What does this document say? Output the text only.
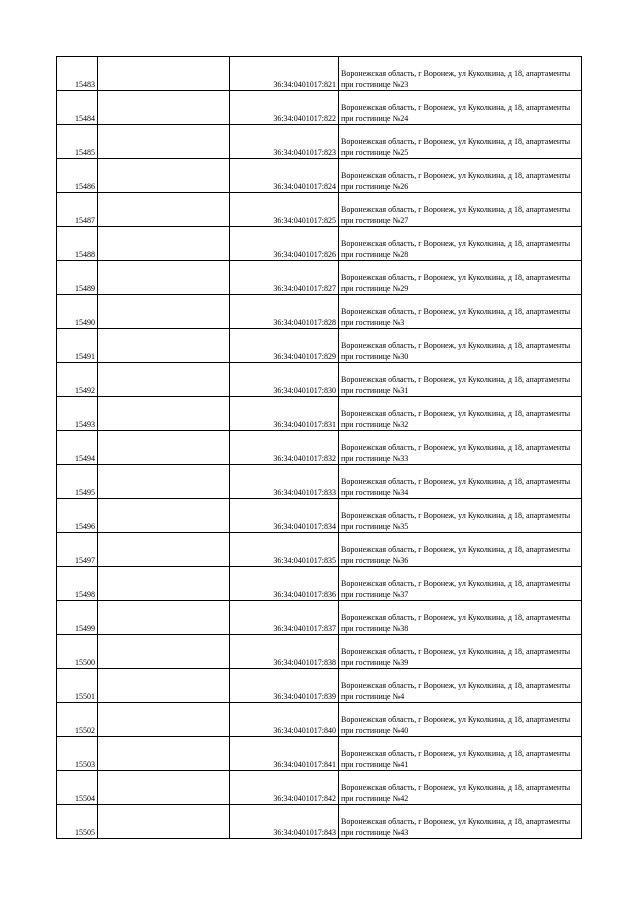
15483		36:34:0401017:821	Воронежская область, г Воронеж, ул Куколкина, д 18, апартаменты при гостинице №23
15484		36:34:0401017:822	Воронежская область, г Воронеж, ул Куколкина, д 18, апартаменты при гостинице №24
15485		36:34:0401017:823	Воронежская область, г Воронеж, ул Куколкина, д 18, апартаменты при гостинице №25
15486		36:34:0401017:824	Воронежская область, г Воронеж, ул Куколкина, д 18, апартаменты при гостинице №26
15487		36:34:0401017:825	Воронежская область, г Воронеж, ул Куколкина, д 18, апартаменты при гостинице №27
15488		36:34:0401017:826	Воронежская область, г Воронеж, ул Куколкина, д 18, апартаменты при гостинице №28
15489		36:34:0401017:827	Воронежская область, г Воронеж, ул Куколкина, д 18, апартаменты при гостинице №29
15490		36:34:0401017:828	Воронежская область, г Воронеж, ул Куколкина, д 18, апартаменты при гостинице №3
15491		36:34:0401017:829	Воронежская область, г Воронеж, ул Куколкина, д 18, апартаменты при гостинице №30
15492		36:34:0401017:830	Воронежская область, г Воронеж, ул Куколкина, д 18, апартаменты при гостинице №31
15493		36:34:0401017:831	Воронежская область, г Воронеж, ул Куколкина, д 18, апартаменты при гостинице №32
15494		36:34:0401017:832	Воронежская область, г Воронеж, ул Куколкина, д 18, апартаменты при гостинице №33
15495		36:34:0401017:833	Воронежская область, г Воронеж, ул Куколкина, д 18, апартаменты при гостинице №34
15496		36:34:0401017:834	Воронежская область, г Воронеж, ул Куколкина, д 18, апартаменты при гостинице №35
15497		36:34:0401017:835	Воронежская область, г Воронеж, ул Куколкина, д 18, апартаменты при гостинице №36
15498		36:34:0401017:836	Воронежская область, г Воронеж, ул Куколкина, д 18, апартаменты при гостинице №37
15499		36:34:0401017:837	Воронежская область, г Воронеж, ул Куколкина, д 18, апартаменты при гостинице №38
15500		36:34:0401017:838	Воронежская область, г Воронеж, ул Куколкина, д 18, апартаменты при гостинице №39
15501		36:34:0401017:839	Воронежская область, г Воронеж, ул Куколкина, д 18, апартаменты при гостинице №4
15502		36:34:0401017:840	Воронежская область, г Воронеж, ул Куколкина, д 18, апартаменты при гостинице №40
15503		36:34:0401017:841	Воронежская область, г Воронеж, ул Куколкина, д 18, апартаменты при гостинице №41
15504		36:34:0401017:842	Воронежская область, г Воронеж, ул Куколкина, д 18, апартаменты при гостинице №42
15505		36:34:0401017:843	Воронежская область, г Воронеж, ул Куколкина, д 18, апартаменты при гостинице №43
